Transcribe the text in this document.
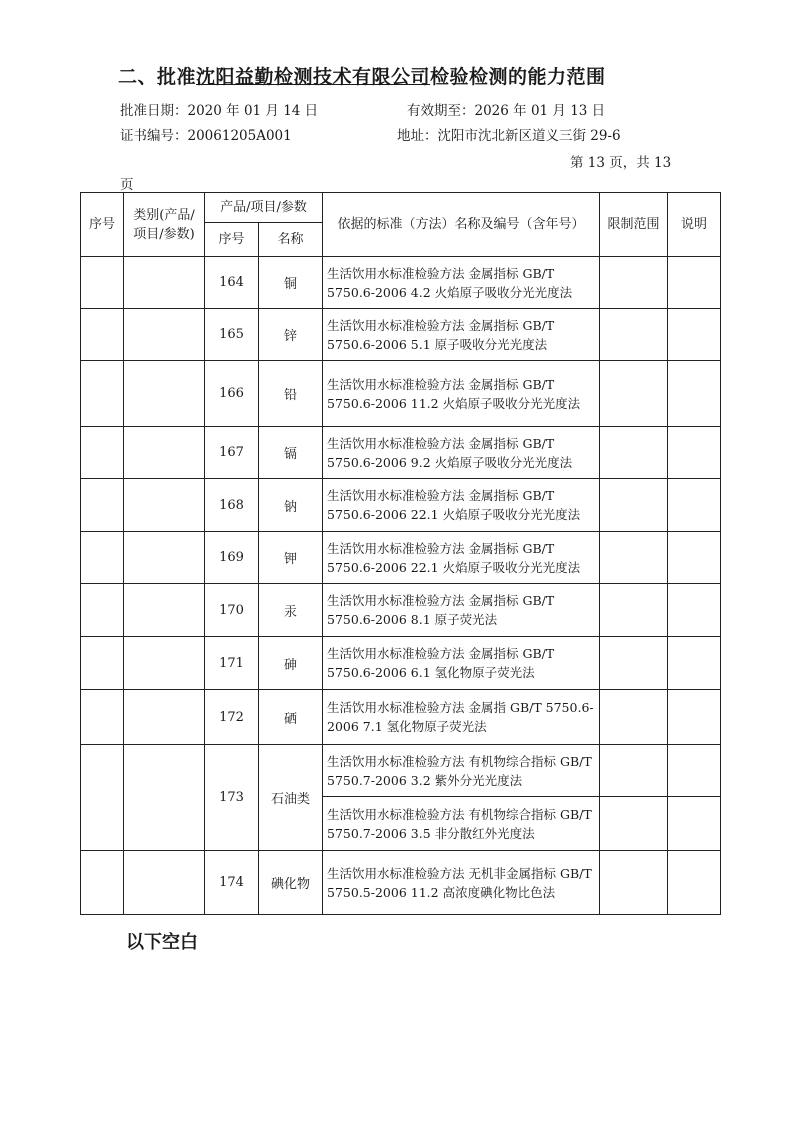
二、批准沈阳益勤检测技术有限公司检验检测的能力范围
批准日期：2020 年 01 月 14 日	有效期至：2026 年 01 月 13 日
证书编号：20061205A001	地址：沈阳市沈北新区道义三街 29-6
第 13 页，共 13
页
序号	类别(产品/项目/参数)	产品/项目/参数		依据的标准（方法）名称及编号（含年号）	限制范围	说明
		序号	名称			
		164	铜	生活饮用水标准检验方法 金属指标 GB/T 5750.6-2006 4.2 火焰原子吸收分光光度法		
		165	锌	生活饮用水标准检验方法 金属指标 GB/T 5750.6-2006 5.1 原子吸收分光光度法		
		166	铅	生活饮用水标准检验方法 金属指标 GB/T 5750.6-2006 11.2 火焰原子吸收分光光度法		
		167	镉	生活饮用水标准检验方法 金属指标 GB/T 5750.6-2006 9.2 火焰原子吸收分光光度法		
		168	钠	生活饮用水标准检验方法 金属指标 GB/T 5750.6-2006 22.1 火焰原子吸收分光光度法		
		169	钾	生活饮用水标准检验方法 金属指标 GB/T 5750.6-2006 22.1 火焰原子吸收分光光度法		
		170	汞	生活饮用水标准检验方法 金属指标 GB/T 5750.6-2006 8.1 原子荧光法		
		171	砷	生活饮用水标准检验方法 金属指标 GB/T 5750.6-2006 6.1 氢化物原子荧光法		
		172	硒	生活饮用水标准检验方法 金属指 GB/T 5750.6-2006 7.1 氢化物原子荧光法		
		173	石油类	生活饮用水标准检验方法 有机物综合指标 GB/T 5750.7-2006 3.2 紫外分光光度法		
				生活饮用水标准检验方法 有机物综合指标 GB/T 5750.7-2006 3.5 非分散红外光度法		
		174	碘化物	生活饮用水标准检验方法 无机非金属指标 GB/T 5750.5-2006 11.2 高浓度碘化物比色法		
以下空白
